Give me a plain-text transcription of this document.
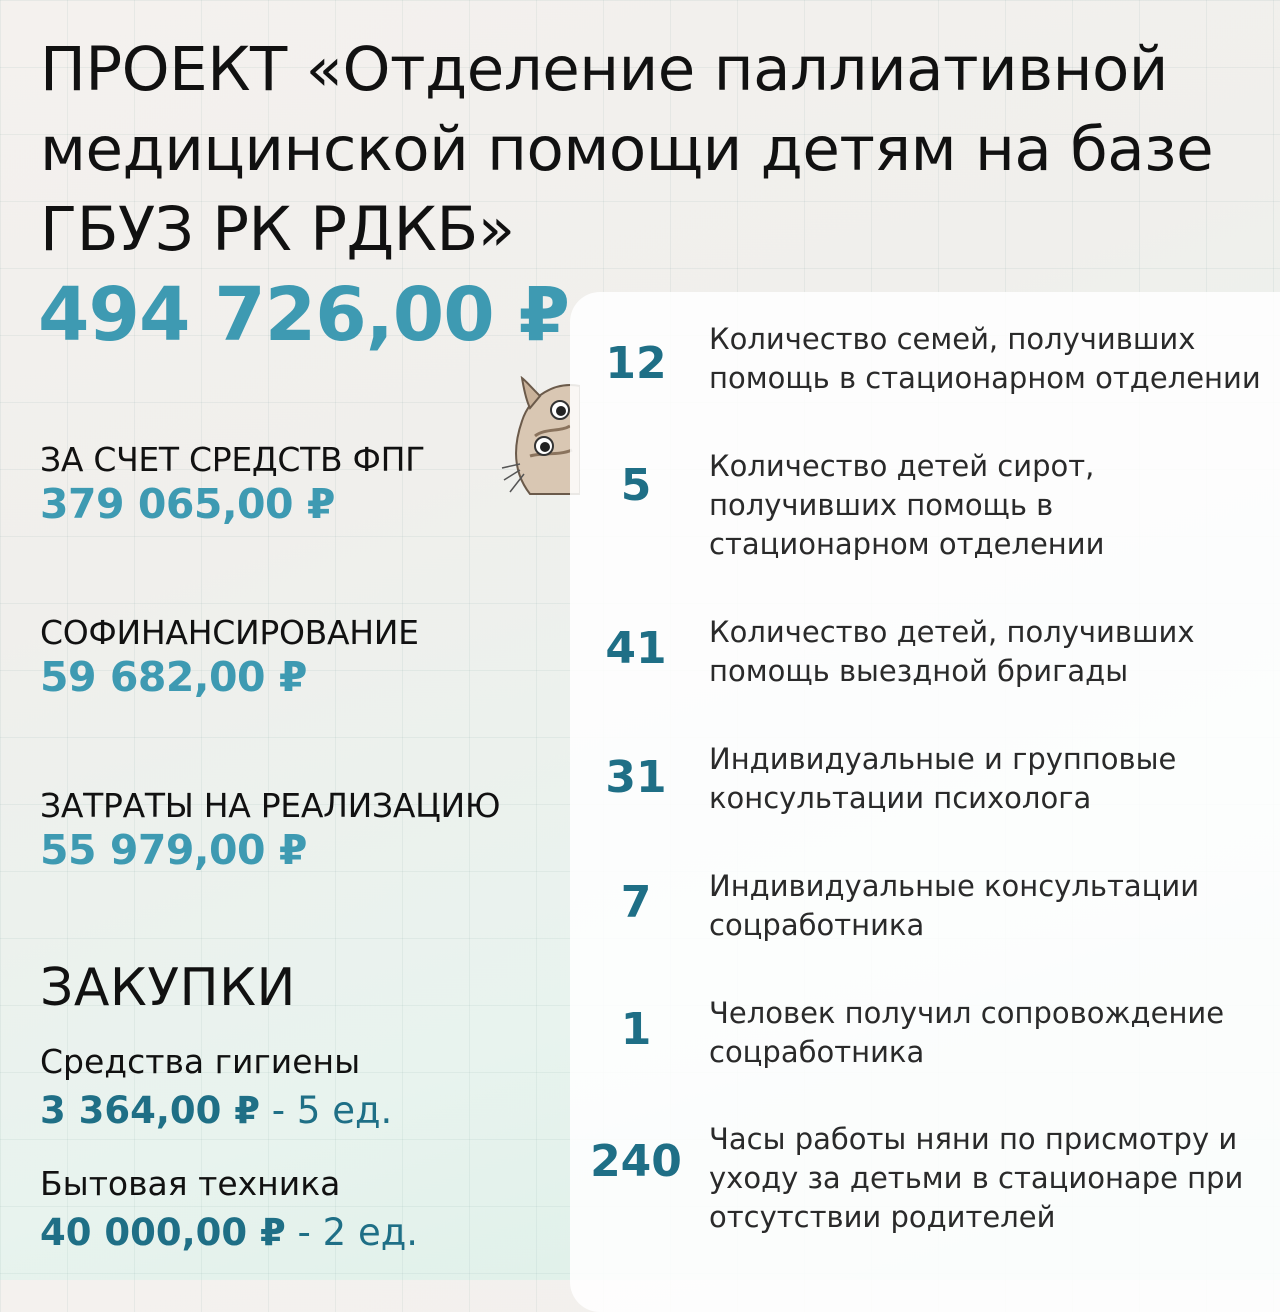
ПРОЕКТ «Отделение паллиативной медицинской помощи детям на базе ГБУЗ РК РДКБ»
494 726,00 ₽
ЗА СЧЕТ СРЕДСТВ ФПГ
379 065,00 ₽
СОФИНАНСИРОВАНИЕ
59 682,00 ₽
ЗАТРАТЫ НА РЕАЛИЗАЦИЮ
55 979,00 ₽
ЗАКУПКИ
Средства гигиены
3 364,00 ₽ - 5 ед.
Бытовая техника
40 000,00 ₽ - 2 ед.
12	Количество семей, получивших помощь в стационарном отделении
5	Количество детей сирот, получивших помощь в стационарном отделении
41	Количество детей, получивших помощь выездной бригады
31	Индивидуальные и групповые консультации психолога
7	Индивидуальные консультации соцработника
1	Человек получил сопровождение соцработника
240 Часы работы няни по присмотру и уходу за детьми в стационаре при отсутствии родителей
